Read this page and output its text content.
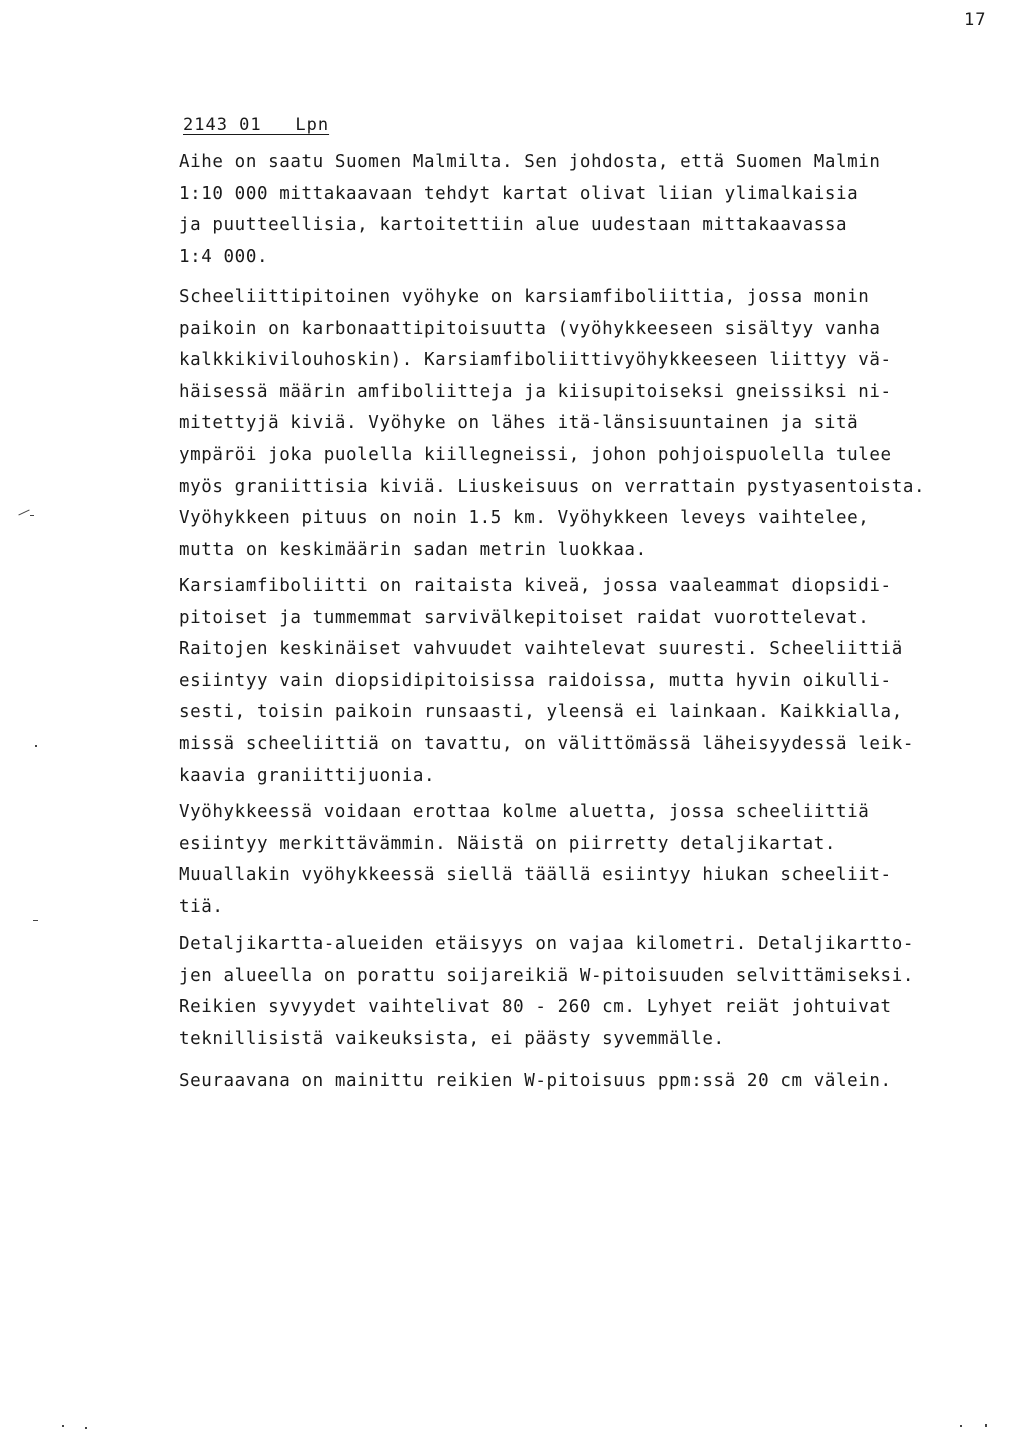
17
2143 01   Lpn
Aihe on saatu Suomen Malmilta. Sen johdosta, että Suomen Malmin
1:10 000 mittakaavaan tehdyt kartat olivat liian ylimalkaisia
ja puutteellisia, kartoitettiin alue uudestaan mittakaavassa
1:4 000.
Scheeliittipitoinen vyöhyke on karsiamfiboliittia, jossa monin
paikoin on karbonaattipitoisuutta (vyöhykkeeseen sisältyy vanha
kalkkikivilouhoskin). Karsiamfiboliittivyöhykkeeseen liittyy vä-
häisessä määrin amfiboliitteja ja kiisupitoiseksi gneissiksi ni-
mitettyjä kiviä. Vyöhyke on lähes itä-länsisuuntainen ja sitä
ympäröi joka puolella kiillegneissi, johon pohjoispuolella tulee
myös graniittisia kiviä. Liuskeisuus on verrattain pystyasentoista.
Vyöhykkeen pituus on noin 1.5 km. Vyöhykkeen leveys vaihtelee,
mutta on keskimäärin sadan metrin luokkaa.
Karsiamfiboliitti on raitaista kiveä, jossa vaaleammat diopsidi-
pitoiset ja tummemmat sarvivälkepitoiset raidat vuorottelevat.
Raitojen keskinäiset vahvuudet vaihtelevat suuresti. Scheeliittiä
esiintyy vain diopsidipitoisissa raidoissa, mutta hyvin oikulli-
sesti, toisin paikoin runsaasti, yleensä ei lainkaan. Kaikkialla,
missä scheeliittiä on tavattu, on välittömässä läheisyydessä leik-
kaavia graniittijuonia.
Vyöhykkeessä voidaan erottaa kolme aluetta, jossa scheeliittiä
esiintyy merkittävämmin. Näistä on piirretty detaljikartat.
Muuallakin vyöhykkeessä siellä täällä esiintyy hiukan scheeliit-
tiä.
Detaljikartta-alueiden etäisyys on vajaa kilometri. Detaljikartto-
jen alueella on porattu soijareikiä W-pitoisuuden selvittämiseksi.
Reikien syvyydet vaihtelivat 80 - 260 cm. Lyhyet reiät johtuivat
teknillisistä vaikeuksista, ei päästy syvemmälle.
Seuraavana on mainittu reikien W-pitoisuus ppm:ssä 20 cm välein.
